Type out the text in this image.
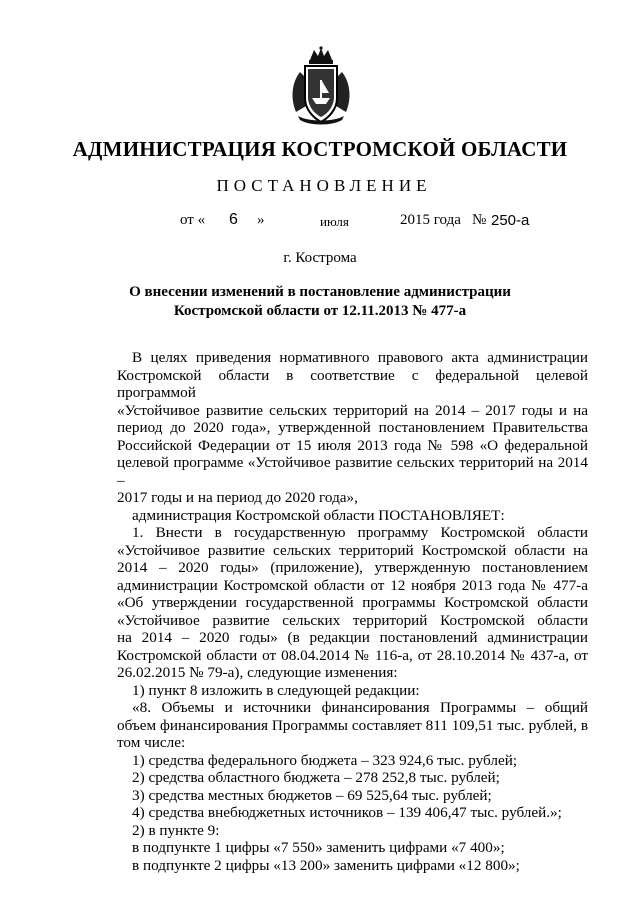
АДМИНИСТРАЦИЯ КОСТРОМСКОЙ ОБЛАСТИ
ПОСТАНОВЛЕНИЕ
от « 6 »	июля	2015 года № 250-а
г. Кострома
О внесении изменений в постановление администрации
Костромской области от 12.11.2013 № 477-а

В целях приведения нормативного правового акта администрации
Костромской области в соответствие с федеральной целевой программой
«Устойчивое развитие сельских территорий на 2014 – 2017 годы и на
период до 2020 года», утвержденной постановлением Правительства
Российской Федерации от 15 июля 2013 года № 598 «О федеральной
целевой программе «Устойчивое развитие сельских территорий на 2014 –
2017 годы и на период до 2020 года»,

администрация Костромской области ПОСТАНОВЛЯЕТ:

1. Внести в государственную программу Костромской области
«Устойчивое развитие сельских территорий Костромской области на
2014 – 2020 годы» (приложение), утвержденную постановлением
администрации Костромской области от 12 ноября 2013 года № 477-а
«Об утверждении государственной программы Костромской области
«Устойчивое развитие сельских территорий Костромской области
на 2014 – 2020 годы» (в редакции постановлений администрации
Костромской области от 08.04.2014 № 116-а, от 28.10.2014 № 437-а, от
26.02.2015 № 79-а), следующие изменения:

1) пункт 8 изложить в следующей редакции:

«8. Объемы и источники финансирования Программы – общий
объем финансирования Программы составляет 811 109,51 тыс. рублей, в
том числе:

1) средства федерального бюджета – 323 924,6 тыс. рублей;

2) средства областного бюджета – 278 252,8 тыс. рублей;

3) средства местных бюджетов – 69 525,64 тыс. рублей;

4) средства внебюджетных источников – 139 406,47 тыс. рублей.»;

2) в пункте 9:

в подпункте 1 цифры «7 550» заменить цифрами «7 400»;

в подпункте 2 цифры «13 200» заменить цифрами «12 800»;
